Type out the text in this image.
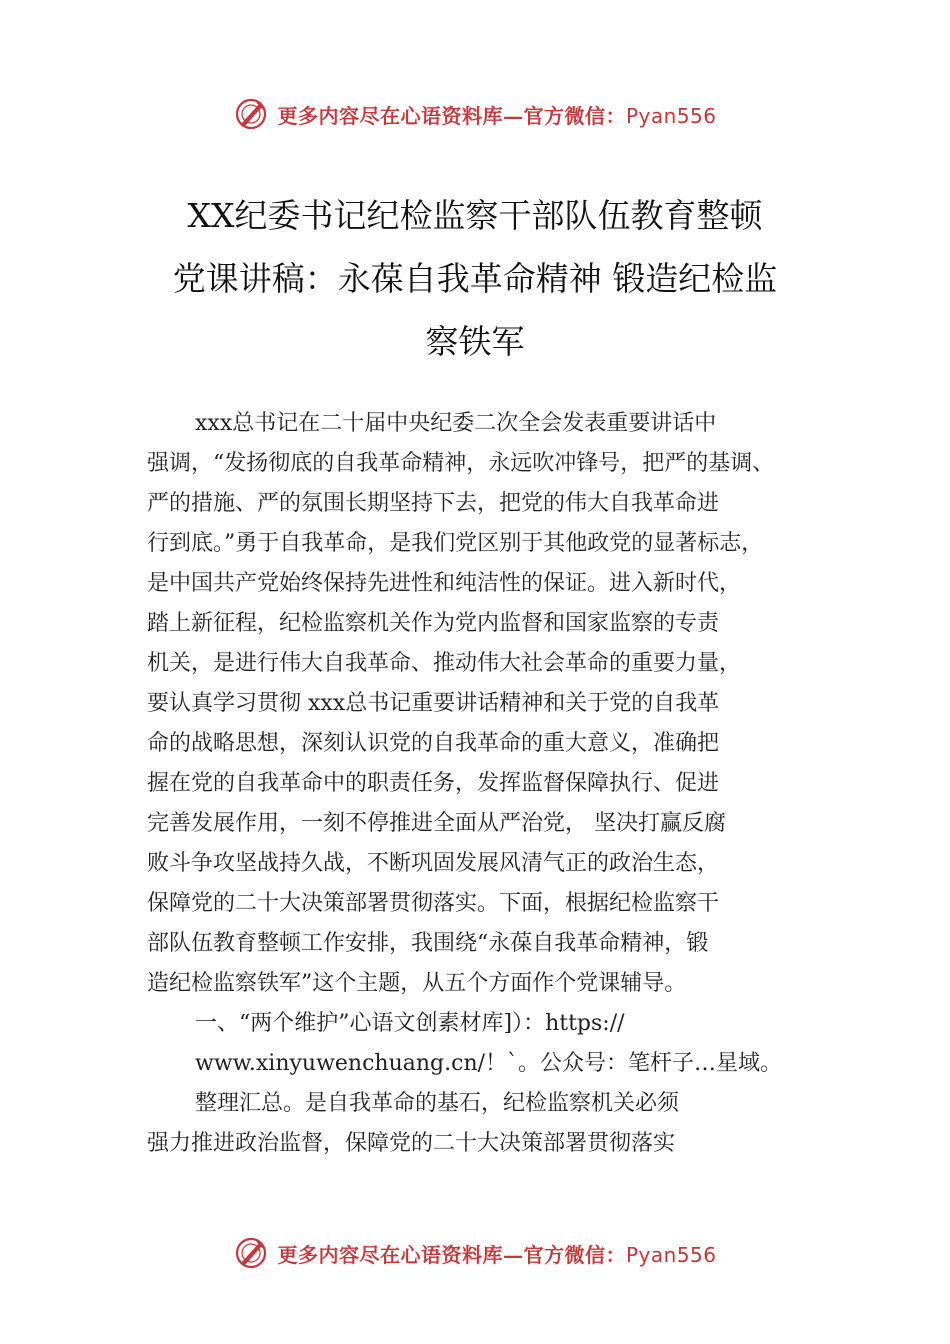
更多内容尽在心语资料库—官方微信：Pyan556
XX纪委书记纪检监察干部队伍教育整顿
党课讲稿：永葆自我革命精神 锻造纪检监
察铁军
xxx总书记在二十届中央纪委二次全会发表重要讲话中
强调，“发扬彻底的自我革命精神，永远吹冲锋号，把严的基调、
严的措施、严的氛围长期坚持下去，把党的伟大自我革命进
行到底。”勇于自我革命，是我们党区别于其他政党的显著标志，
是中国共产党始终保持先进性和纯洁性的保证。进入新时代，
踏上新征程，纪检监察机关作为党内监督和国家监察的专责
机关，是进行伟大自我革命、推动伟大社会革命的重要力量，
要认真学习贯彻 xxx总书记重要讲话精神和关于党的自我革
命的战略思想，深刻认识党的自我革命的重大意义，准确把
握在党的自我革命中的职责任务，发挥监督保障执行、促进
完善发展作用，一刻不停推进全面从严治党， 坚决打赢反腐
败斗争攻坚战持久战，不断巩固发展风清气正的政治生态，
保障党的二十大决策部署贯彻落实。下面，根据纪检监察干
部队伍教育整顿工作安排，我围绕“永葆自我革命精神，锻
造纪检监察铁军”这个主题，从五个方面作个党课辅导。
一、“两个维护”心语文创素材库]）：https://
www.xinyuwenchuang.cn/！`。公众号：笔杆子…星域。
整理汇总。是自我革命的基石，纪检监察机关必须
强力推进政治监督，保障党的二十大决策部署贯彻落实
更多内容尽在心语资料库—官方微信：Pyan556
